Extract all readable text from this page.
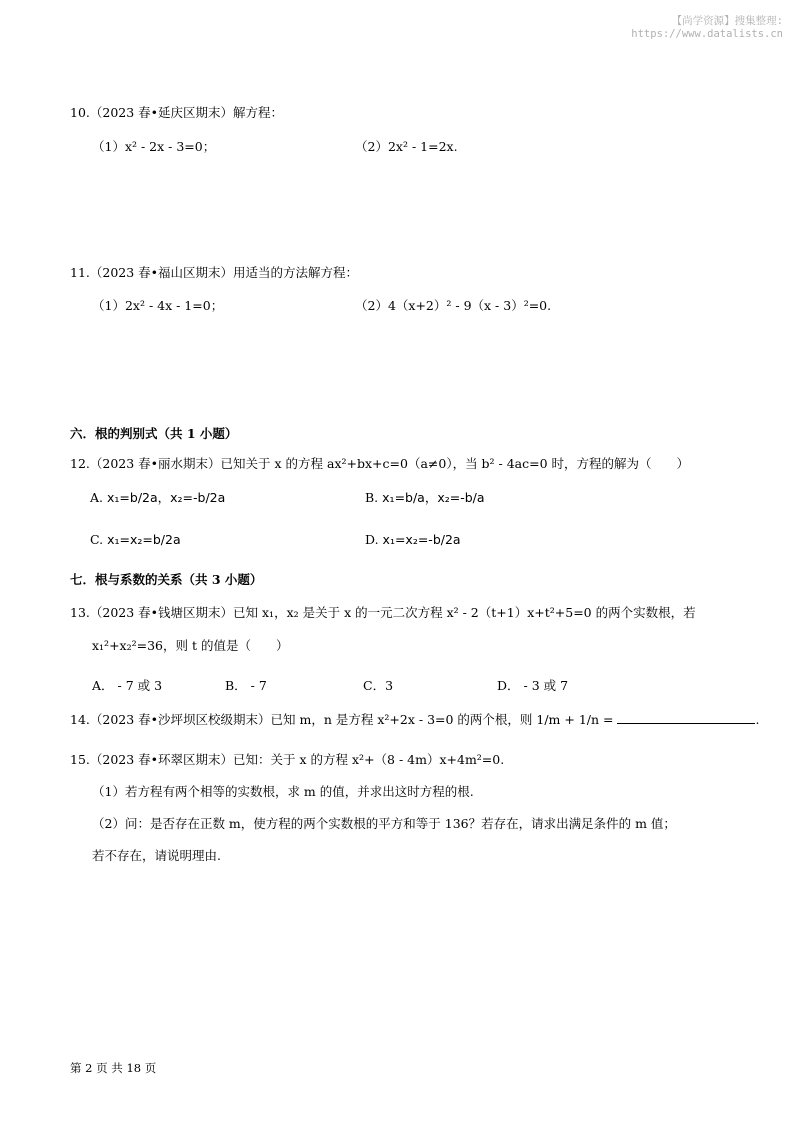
【尚学资源】搜集整理:
https://www.datalists.cn
10.（2023 春•延庆区期末）解方程：
（1）x² - 2x - 3=0；	（2）2x² - 1=2x.
11.（2023 春•福山区期末）用适当的方法解方程：
（1）2x² - 4x - 1=0；	（2）4（x+2）² - 9（x - 3）²=0.
六．根的判别式（共 1 小题）
12.（2023 春•丽水期末）已知关于 x 的方程 ax²+bx+c=0（a≠0），当 b² - 4ac=0 时，方程的解为（　　）
A. x₁=b/2a，x₂=-b/2a	B. x₁=b/a，x₂=-b/a
C. x₁=x₂=b/2a	D. x₁=x₂=-b/2a
七．根与系数的关系（共 3 小题）
13.（2023 春•钱塘区期末）已知 x₁，x₂ 是关于 x 的一元二次方程 x² - 2（t+1）x+t²+5=0 的两个实数根，若
x₁²+x₂²=36，则 t 的值是（　　）
A． - 7 或 3	B． - 7	C．3	D． - 3 或 7
14.（2023 春•沙坪坝区校级期末）已知 m，n 是方程 x²+2x - 3=0 的两个根，则 1/m + 1/n =	.
15.（2023 春•环翠区期末）已知：关于 x 的方程 x²+（8 - 4m）x+4m²=0.
（1）若方程有两个相等的实数根，求 m 的值，并求出这时方程的根.
（2）问：是否存在正数 m，使方程的两个实数根的平方和等于 136？若存在，请求出满足条件的 m 值；
若不存在，请说明理由.
第 2 页 共 18 页
